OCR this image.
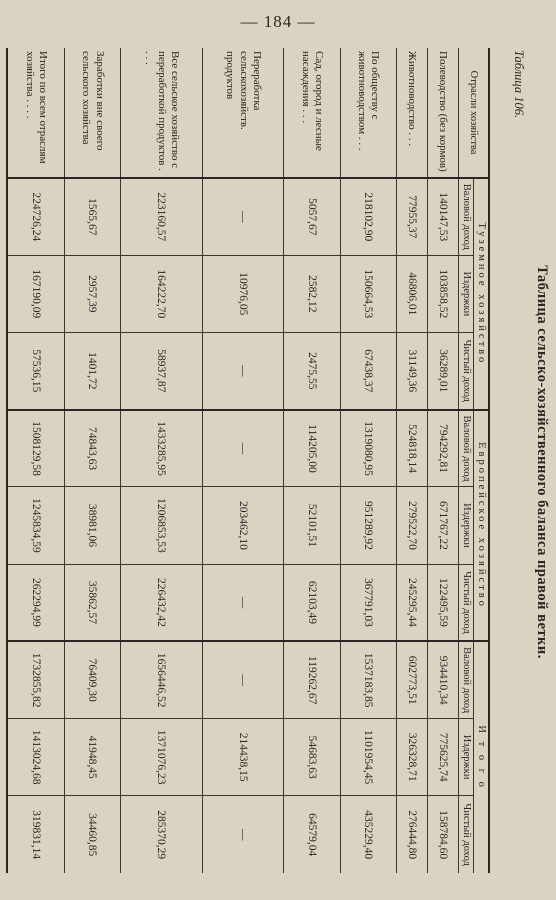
— 184 —
Таблица 106.
Таблица сельско-хозяйственного баланса правой ветки.
Отрасли хозяйства	Туземное хозяйство			Европейское хозяйство			И т о г о		
	Валовой доход	Издержки	Чистый доход	Валовой доход	Издержки	Чистый доход	Валовой доход	Издержки	Чистый доход
Полеводство (без кормов)	140147,53	103858,52	36289,01	794292,81	671767,22	122495,59	934410,34	775625,74	158784,60
Животноводство . . .	77955,37	46806,01	31149,36	524818,14	279522,70	245295,44	602773,51	326328,71	276444,80
По обществу с животноводством . . .	218102,90	150664,53	67438,37	1319080,95	951289,92	367791,03	1537183,85	1101954,45	435229,40
Сад, огород и лесные насаждения . . .	5057,67	2582,12	2475,55	114205,00	52101,51	62103,49	119262,67	54683,63	64579,04
Переработка сельскохозяйств. продуктов	—	10976,05	—	—	203462,10	—	—	214438,15	—
Все сельское хозяйство с переработкой продуктов . . . .	223160,57	164222,70	58937,87	1433285,95	1206853,53	226432,42	1656446,52	1371076,23	285370,29
Заработки вне своего сельского хозяйства	1565,67	2957,39	1401,72	74843,63	38981,06	35862,57	76409,30	41948,45	34460,85
Итого по всем отраслям хозяйства . . . .	224726,24	167190,09	57536,15	1508129,58	1245834,59	262294,99	1732855,82	1413024,68	319831,14
